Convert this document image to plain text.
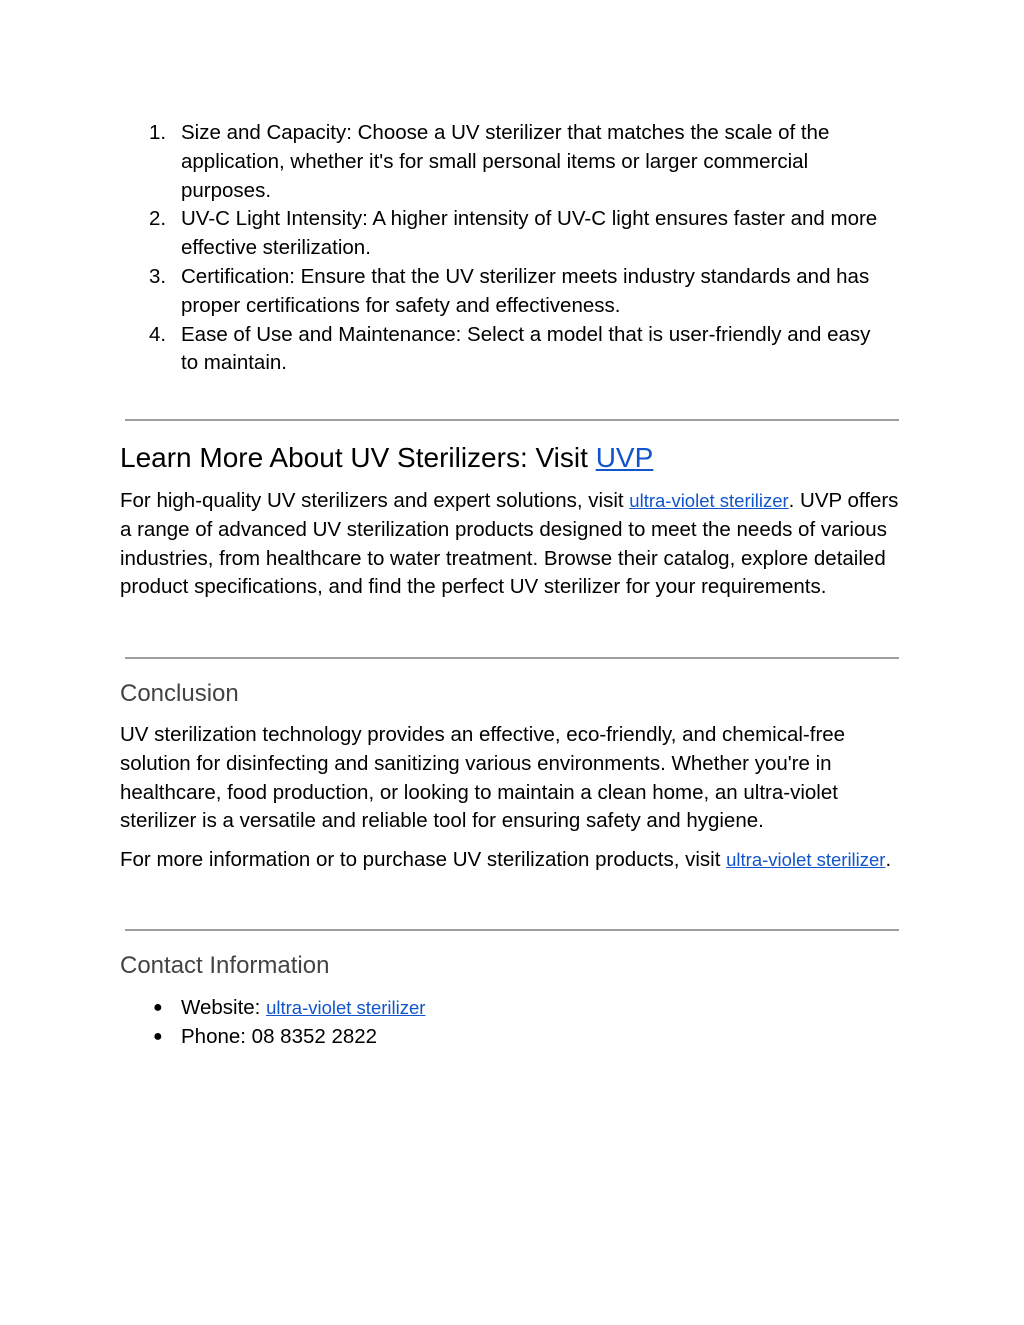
1. Size and Capacity: Choose a UV sterilizer that matches the scale of the application, whether it's for small personal items or larger commercial purposes.
2. UV-C Light Intensity: A higher intensity of UV-C light ensures faster and more effective sterilization.
3. Certification: Ensure that the UV sterilizer meets industry standards and has proper certifications for safety and effectiveness.
4. Ease of Use and Maintenance: Select a model that is user-friendly and easy to maintain.
Learn More About UV Sterilizers: Visit UVP

For high-quality UV sterilizers and expert solutions, visit ultra-violet sterilizer. UVP offers a range of advanced UV sterilization products designed to meet the needs of various industries, from healthcare to water treatment. Browse their catalog, explore detailed product specifications, and find the perfect UV sterilizer for your requirements.

Conclusion

UV sterilization technology provides an effective, eco-friendly, and chemical-free solution for disinfecting and sanitizing various environments. Whether you're in healthcare, food production, or looking to maintain a clean home, an ultra-violet sterilizer is a versatile and reliable tool for ensuring safety and hygiene.

For more information or to purchase UV sterilization products, visit ultra-violet sterilizer.

Contact Information
● Website: ultra-violet sterilizer
● Phone: 08 8352 2822
